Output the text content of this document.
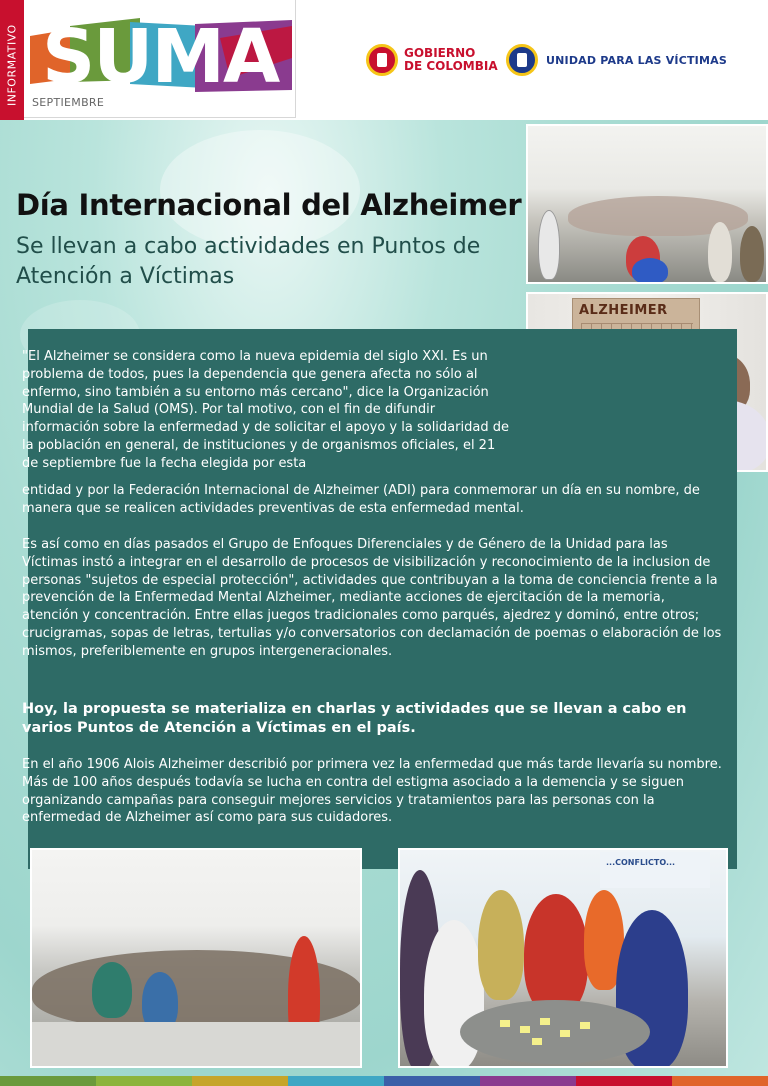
INFORMATIVO SUMA
SEPTIEMBRE
GOBIERNO
DE COLOMBIA	UNIDAD PARA LAS VÍCTIMAS
Día Internacional del Alzheimer
Se llevan a cabo actividades en Puntos de Atención a Víctimas
ALZHEIMER
"El Alzheimer se considera como la nueva epidemia del siglo XXI. Es un problema de todos, pues la dependencia que genera afecta no sólo al enfermo, sino también a su entorno más cercano", dice la Organización Mundial de la Salud (OMS). Por tal motivo, con el fin de difundir información sobre la enfermedad y de solicitar el apoyo y la solidaridad de la población en general, de instituciones y de organismos oficiales, el 21 de septiembre fue la fecha elegida por esta
entidad y por la Federación Internacional de Alzheimer (ADI) para conmemorar un día en su nombre, de manera que se realicen actividades preventivas de esta enfermedad mental.
Es así como en días pasados el Grupo de Enfoques Diferenciales y de Género de la Unidad para las Víctimas instó a integrar en el desarrollo de procesos de visibilización y reconocimiento de la inclusion de personas "sujetos de especial protección", actividades que contribuyan a la toma de conciencia frente a la prevención de la Enfermedad Mental Alzheimer, mediante acciones de ejercitación de la memoria, atención y concentración. Entre ellas juegos tradicionales como parqués, ajedrez y dominó, entre otros; crucigramas, sopas de letras, tertulias y/o conversatorios con declamación de poemas o elaboración de los mismos, preferiblemente en grupos intergeneracionales.
Hoy, la propuesta se materializa en charlas y actividades que se llevan a cabo en varios Puntos de Atención a Víctimas en el país.
En el año 1906 Alois Alzheimer describió por primera vez la enfermedad que más tarde llevaría su nombre. Más de 100 años después todavía se lucha en contra del estigma asociado a la demencia y se siguen organizando campañas para conseguir mejores servicios y tratamientos para las personas con la enfermedad de Alzheimer así como para sus cuidadores.
...CONFLICTO...
